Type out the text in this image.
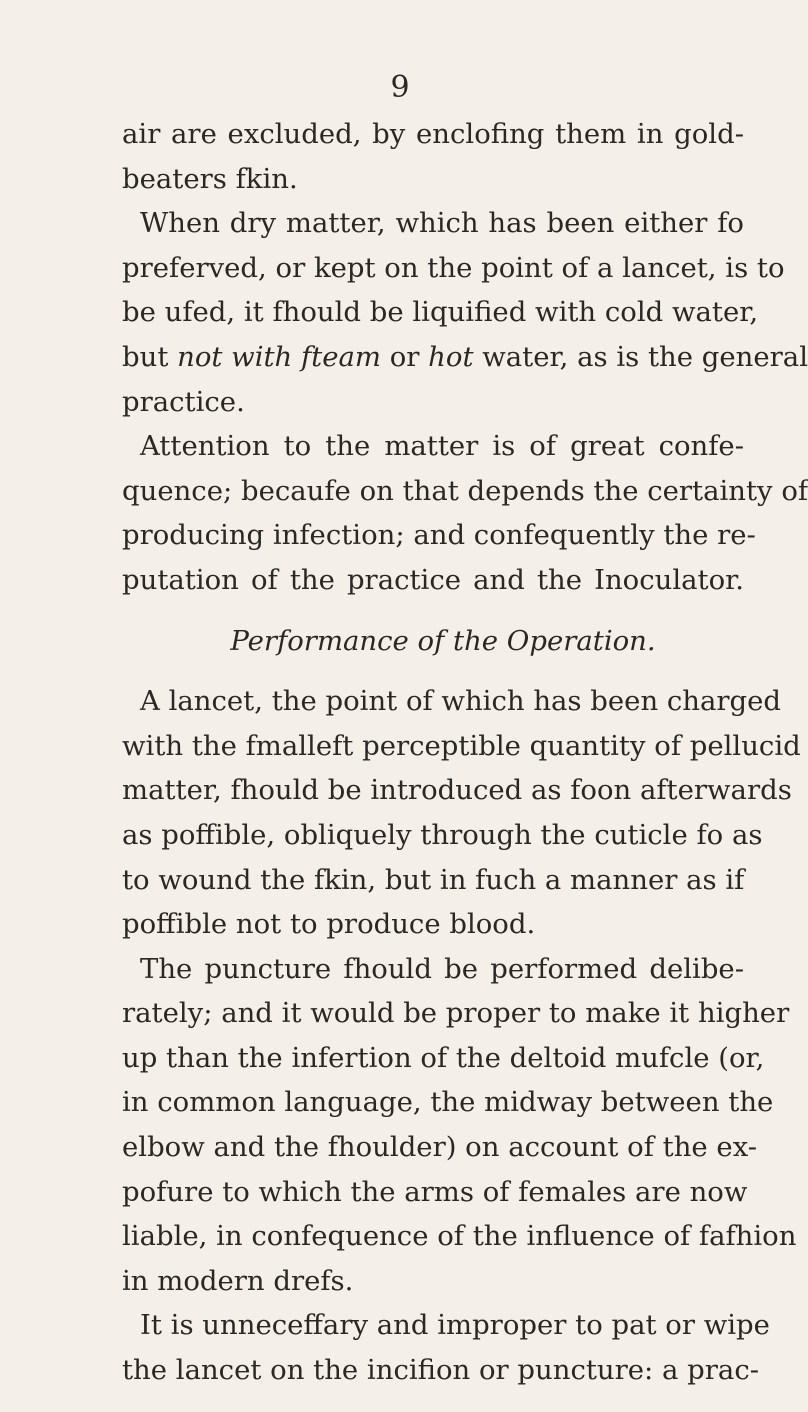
9
air are excluded, by enclofing them in gold-
beaters fkin.
When dry matter, which has been either fo
preferved, or kept on the point of a lancet, is to
be ufed, it fhould be liquified with cold water,
but not with fteam or hot water, as is the general
practice.
Attention to the matter is of great confe-
quence; becaufe on that depends the certainty of
producing infection; and confequently the re-
putation of the practice and the Inoculator.
Performance of the Operation.
A lancet, the point of which has been charged
with the fmalleft perceptible quantity of pellucid
matter, fhould be introduced as foon afterwards
as poffible, obliquely through the cuticle fo as
to wound the fkin, but in fuch a manner as if
poffible not to produce blood.
The puncture fhould be performed delibe-
rately; and it would be proper to make it higher
up than the infertion of the deltoid mufcle (or,
in common language, the midway between the
elbow and the fhoulder) on account of the ex-
pofure to which the arms of females are now
liable, in confequence of the influence of fafhion
in modern drefs.
It is unneceffary and improper to pat or wipe
the lancet on the incifion or puncture: a prac-
